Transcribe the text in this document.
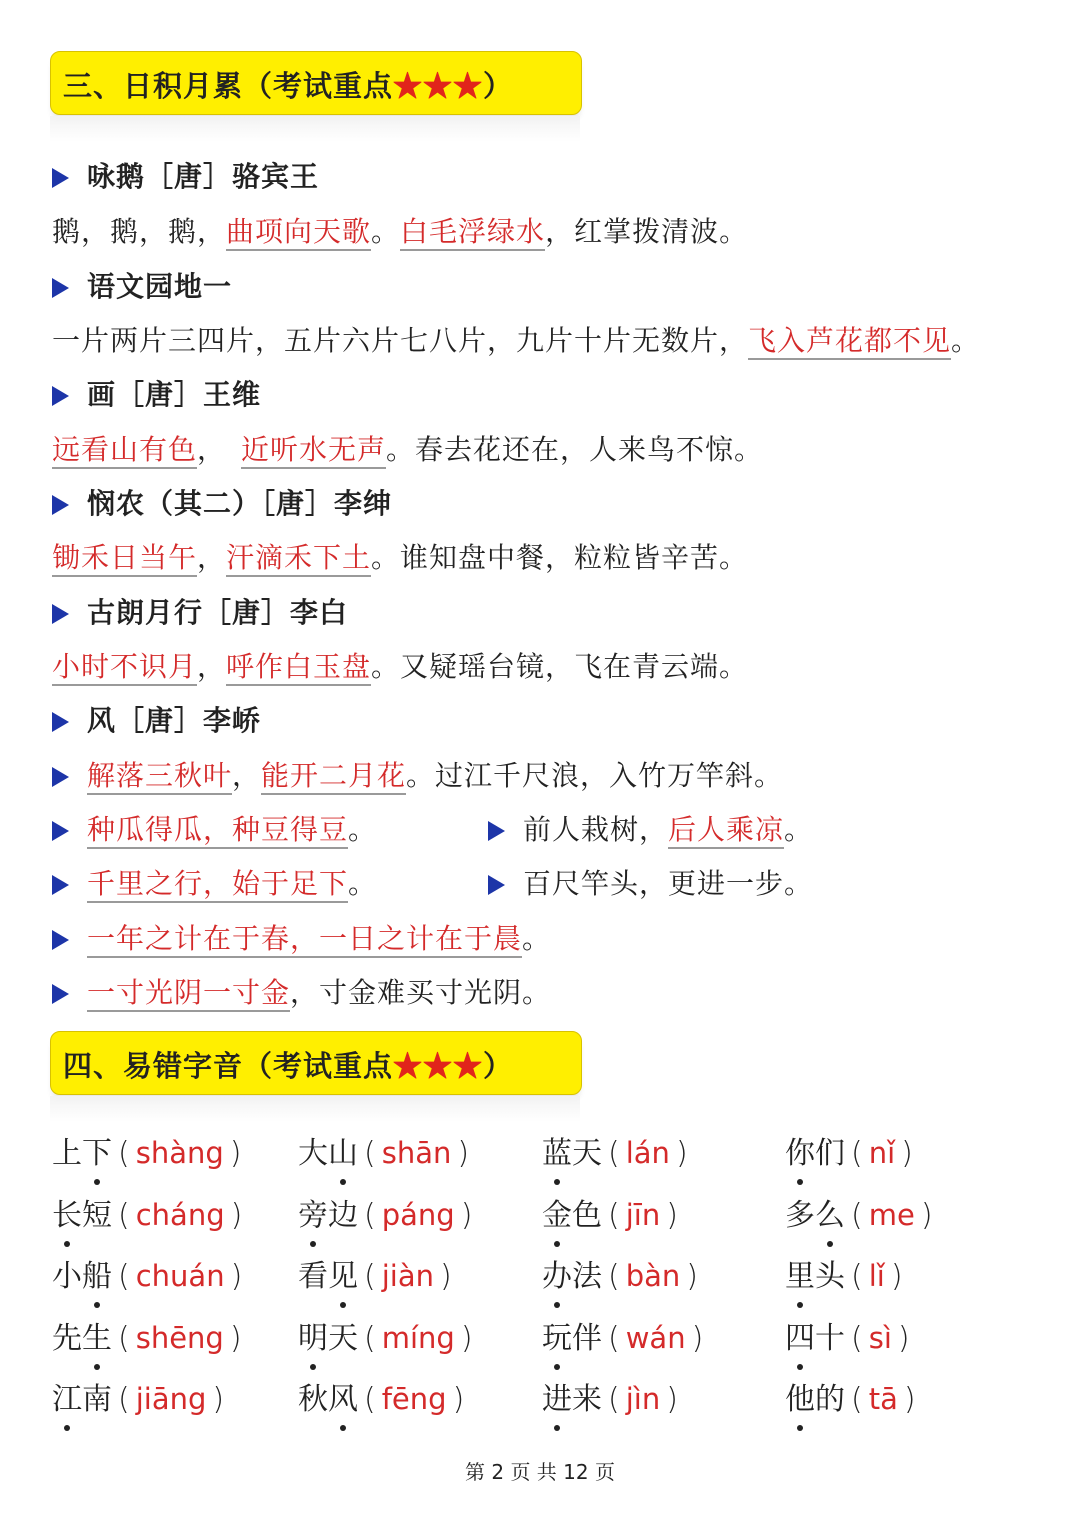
三、日积月累（考试重点★★★）
咏鹅［唐］骆宾王
鹅，鹅，鹅，曲项向天歌。白毛浮绿水，红掌拨清波。
语文园地一
一片两片三四片，五片六片七八片，九片十片无数片，飞入芦花都不见。
画［唐］王维
远看山有色，　近听水无声。春去花还在，人来鸟不惊。
悯农（其二）［唐］李绅
锄禾日当午，汗滴禾下土。谁知盘中餐，粒粒皆辛苦。
古朗月行［唐］李白
小时不识月，呼作白玉盘。又疑瑶台镜，飞在青云端。
风［唐］李峤
解落三秋叶，能开二月花。过江千尺浪，入竹万竿斜。
种瓜得瓜，种豆得豆。	前人栽树，后人乘凉。
千里之行，始于足下。	百尺竿头，更进一步。
一年之计在于春，一日之计在于晨。
一寸光阴一寸金，寸金难买寸光阴。
四、易错字音（考试重点★★★）
上下 ( shàng ) 大山 ( shān ) 蓝天 ( lán )	你们 ( nǐ )
长短 ( cháng ) 旁边 ( páng ) 金色 ( jīn )	多么 ( me )
小船 ( chuán ) 看见 ( jiàn )	办法 ( bàn )	里头 ( lǐ )
先生 ( shēng ) 明天 ( míng ) 玩伴 ( wán )	四十 ( sì )
江南 ( jiāng ) 秋风 ( fēng )	进来 ( jìn )	他的 ( tā )
第 2 页 共 12 页
